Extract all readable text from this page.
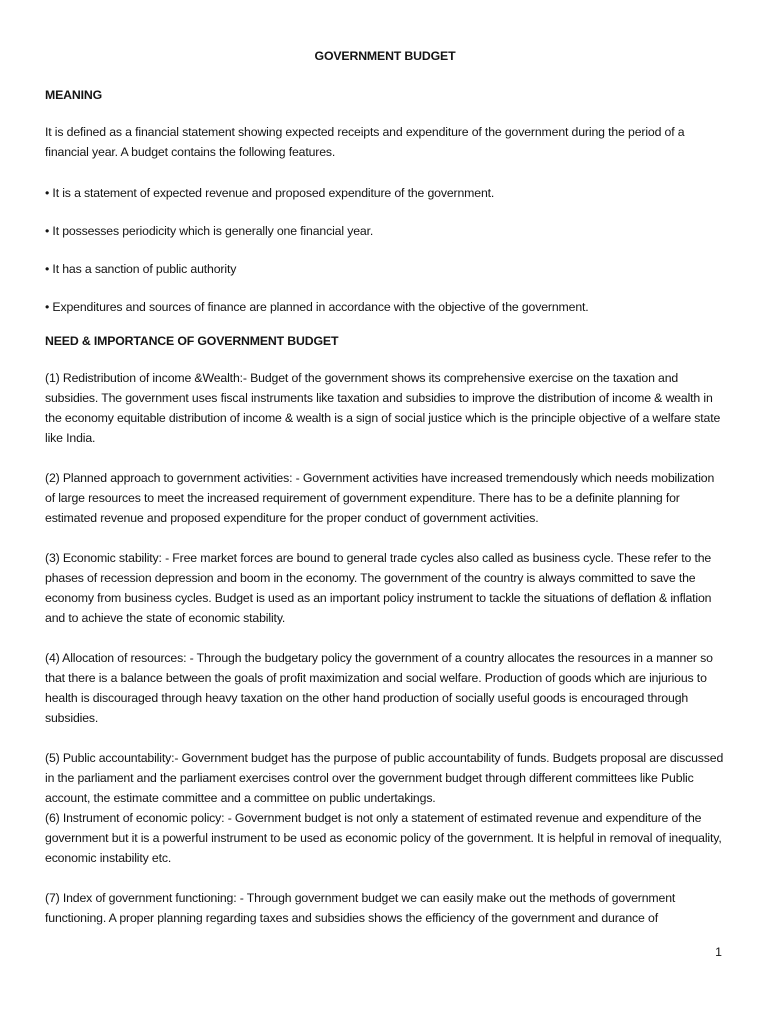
GOVERNMENT BUDGET
MEANING
It is defined as a financial statement showing expected receipts and expenditure of the government during the period of a financial year. A budget contains the following features.
• It is a statement of expected revenue and proposed expenditure of the government.
• It possesses periodicity which is generally one financial year.
• It has a sanction of public authority
• Expenditures and sources of finance are planned in accordance with the objective of the government.
NEED & IMPORTANCE OF GOVERNMENT BUDGET
(1) Redistribution of income &Wealth:- Budget of the government shows its comprehensive exercise on the taxation and subsidies. The government uses fiscal instruments like taxation and subsidies to improve the distribution of income & wealth in the economy equitable distribution of income & wealth is a sign of social justice which is the principle objective of a welfare state like India.
(2) Planned approach to government activities: - Government activities have increased tremendously which needs mobilization of large resources to meet the increased requirement of government expenditure. There has to be a definite planning for estimated revenue and proposed expenditure for the proper conduct of government activities.
(3) Economic stability: - Free market forces are bound to general trade cycles also called as business cycle. These refer to the phases of recession depression and boom in the economy. The government of the country is always committed to save the economy from business cycles. Budget is used as an important policy instrument to tackle the situations of deflation & inflation and to achieve the state of economic stability.
(4) Allocation of resources: - Through the budgetary policy the government of a country allocates the resources in a manner so that there is a balance between the goals of profit maximization and social welfare. Production of goods which are injurious to health is discouraged through heavy taxation on the other hand production of socially useful goods is encouraged through subsidies.
(5) Public accountability:- Government budget has the purpose of public accountability of funds. Budgets proposal are discussed in the parliament and the parliament exercises control over the government budget through different committees like Public account, the estimate committee and a committee on public undertakings.
(6) Instrument of economic policy: - Government budget is not only a statement of estimated revenue and expenditure of the government but it is a powerful instrument to be used as economic policy of the government. It is helpful in removal of inequality, economic instability etc.
(7) Index of government functioning: - Through government budget we can easily make out the methods of government functioning. A proper planning regarding taxes and subsidies shows the efficiency of the government and durance of
1
